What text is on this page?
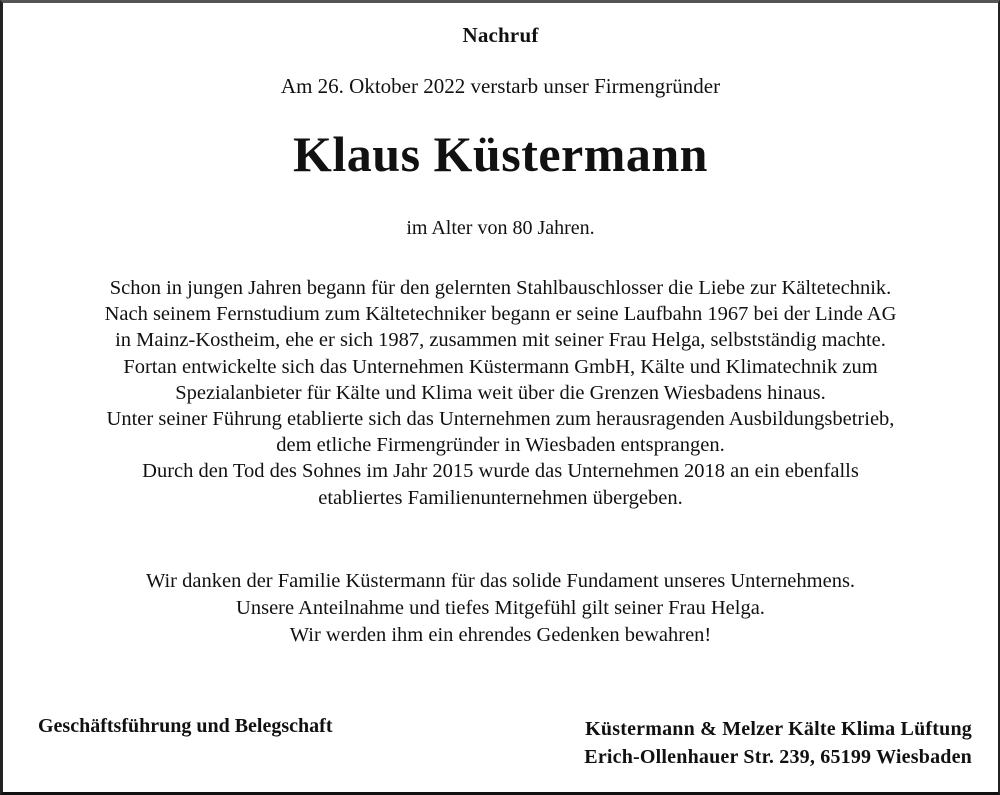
Nachruf
Am 26. Oktober 2022 verstarb unser Firmengründer
Klaus Küstermann
im Alter von 80 Jahren.
Schon in jungen Jahren begann für den gelernten Stahlbauschlosser die Liebe zur Kältetechnik.
Nach seinem Fernstudium zum Kältetechniker begann er seine Laufbahn 1967 bei der Linde AG
in Mainz-Kostheim, ehe er sich 1987, zusammen mit seiner Frau Helga, selbstständig machte.
Fortan entwickelte sich das Unternehmen Küstermann GmbH, Kälte und Klimatechnik zum
Spezialanbieter für Kälte und Klima weit über die Grenzen Wiesbadens hinaus.
Unter seiner Führung etablierte sich das Unternehmen zum herausragenden Ausbildungsbetrieb,
dem etliche Firmengründer in Wiesbaden entsprangen.
Durch den Tod des Sohnes im Jahr 2015 wurde das Unternehmen 2018 an ein ebenfalls
etabliertes Familienunternehmen übergeben.
Wir danken der Familie Küstermann für das solide Fundament unseres Unternehmens.
Unsere Anteilnahme und tiefes Mitgefühl gilt seiner Frau Helga.
Wir werden ihm ein ehrendes Gedenken bewahren!
Geschäftsführung und Belegschaft	Küstermann & Melzer Kälte Klima Lüftung
Erich-Ollenhauer Str. 239, 65199 Wiesbaden
